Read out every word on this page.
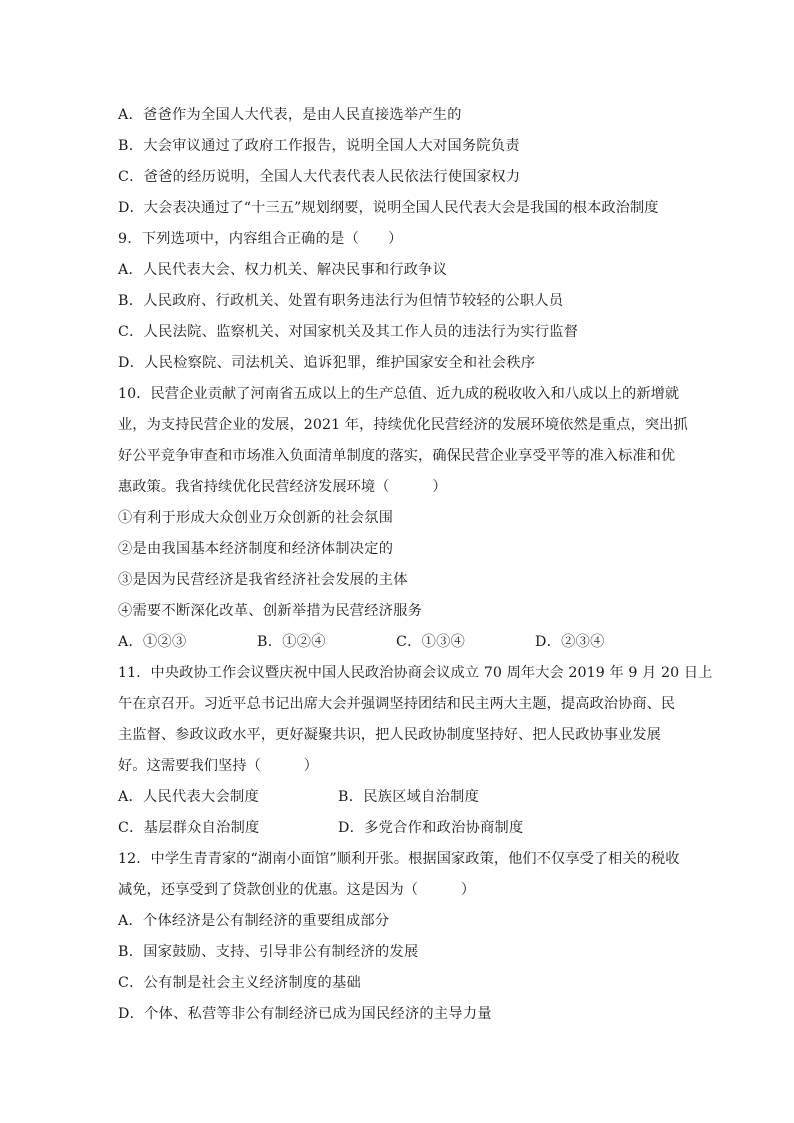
A．爸爸作为全国人大代表，是由人民直接选举产生的
B．大会审议通过了政府工作报告，说明全国人大对国务院负责
C．爸爸的经历说明，全国人大代表代表人民依法行使国家权力
D．大会表决通过了“十三五”规划纲要，说明全国人民代表大会是我国的根本政治制度
9．下列选项中，内容组合正确的是（　　）
A．人民代表大会、权力机关、解决民事和行政争议
B．人民政府、行政机关、处置有职务违法行为但情节较轻的公职人员
C．人民法院、监察机关、对国家机关及其工作人员的违法行为实行监督
D．人民检察院、司法机关、追诉犯罪，维护国家安全和社会秩序
10．民营企业贡献了河南省五成以上的生产总值、近九成的税收收入和八成以上的新增就
业，为支持民营企业的发展，2021 年，持续优化民营经济的发展环境依然是重点，突出抓
好公平竞争审查和市场准入负面清单制度的落实，确保民营企业享受平等的准入标准和优
惠政策。我省持续优化民营经济发展环境（　　　）
①有利于形成大众创业万众创新的社会氛围
②是由我国基本经济制度和经济体制决定的
③是因为民营经济是我省经济社会发展的主体
④需要不断深化改革、创新举措为民营经济服务
A．①②③	B．①②④	C．①③④	D．②③④
11．中央政协工作会议暨庆祝中国人民政治协商会议成立 70 周年大会 2019 年 9 月 20 日上
午在京召开。习近平总书记出席大会并强调坚持团结和民主两大主题，提高政治协商、民
主监督、参政议政水平，更好凝聚共识，把人民政协制度坚持好、把人民政协事业发展
好。这需要我们坚持（　　　）
A．人民代表大会制度	B．民族区域自治制度
C．基层群众自治制度	D．多党合作和政治协商制度
12．中学生青青家的“湖南小面馆”顺利开张。根据国家政策，他们不仅享受了相关的税收
减免，还享受到了贷款创业的优惠。这是因为（　　　）
A．个体经济是公有制经济的重要组成部分
B．国家鼓励、支持、引导非公有制经济的发展
C．公有制是社会主义经济制度的基础
D．个体、私营等非公有制经济已成为国民经济的主导力量
